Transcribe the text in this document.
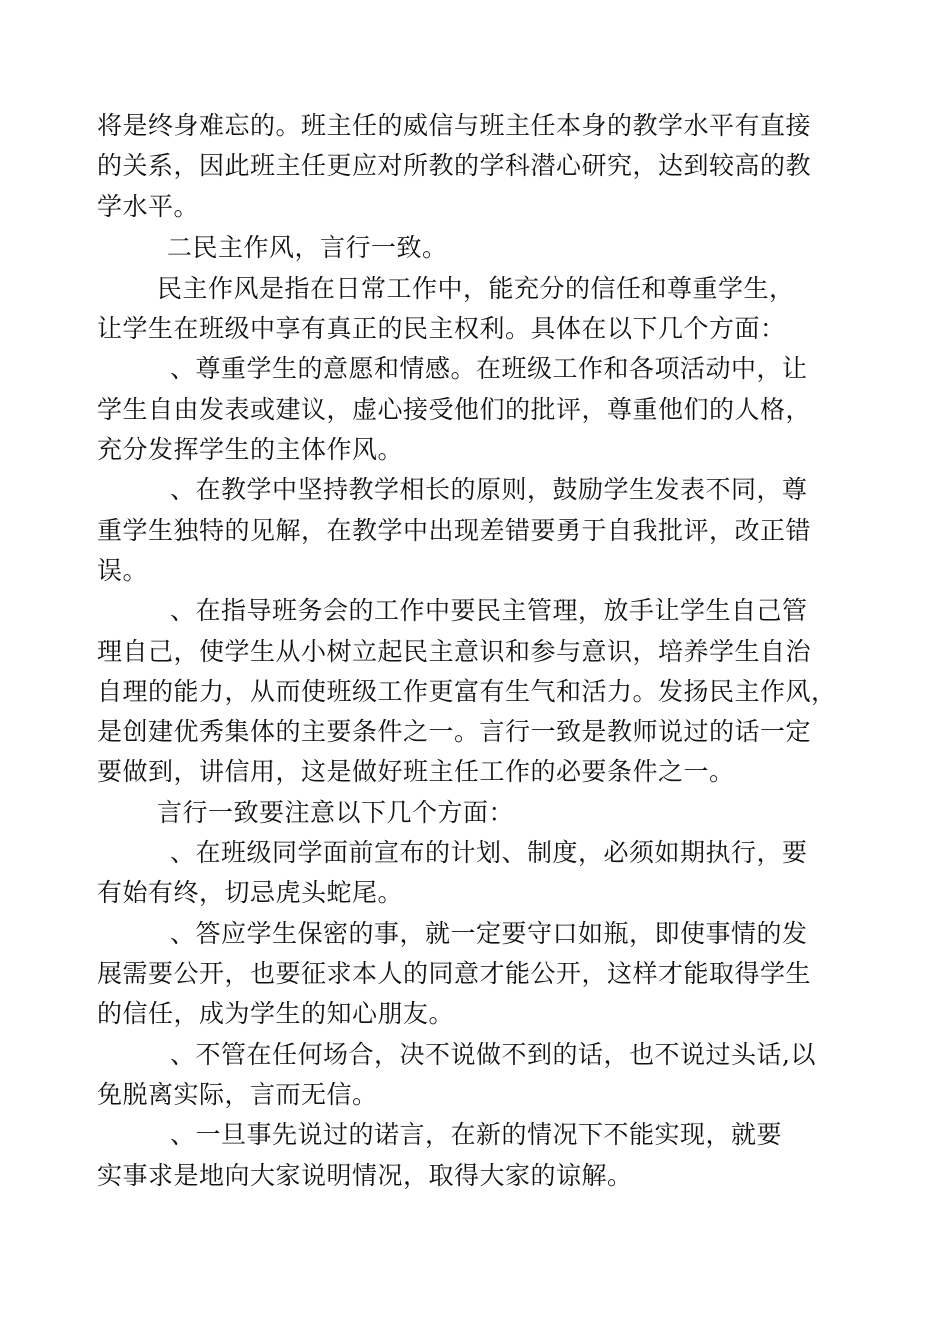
将是终身难忘的。班主任的威信与班主任本身的教学水平有直接
的关系，因此班主任更应对所教的学科潜心研究，达到较高的教
学水平。
二民主作风，言行一致。
民主作风是指在日常工作中，能充分的信任和尊重学生，
让学生在班级中享有真正的民主权利。具体在以下几个方面：
、尊重学生的意愿和情感。在班级工作和各项活动中，让
学生自由发表或建议，虚心接受他们的批评，尊重他们的人格，
充分发挥学生的主体作风。
、在教学中坚持教学相长的原则，鼓励学生发表不同，尊
重学生独特的见解，在教学中出现差错要勇于自我批评，改正错
误。
、在指导班务会的工作中要民主管理，放手让学生自己管
理自己，使学生从小树立起民主意识和参与意识，培养学生自治
自理的能力，从而使班级工作更富有生气和活力。发扬民主作风，
是创建优秀集体的主要条件之一。言行一致是教师说过的话一定
要做到，讲信用，这是做好班主任工作的必要条件之一。
言行一致要注意以下几个方面：
、在班级同学面前宣布的计划、制度，必须如期执行，要
有始有终，切忌虎头蛇尾。
、答应学生保密的事，就一定要守口如瓶，即使事情的发
展需要公开，也要征求本人的同意才能公开，这样才能取得学生
的信任，成为学生的知心朋友。
、不管在任何场合，决不说做不到的话，也不说过头话,以
免脱离实际，言而无信。
、一旦事先说过的诺言，在新的情况下不能实现，就要
实事求是地向大家说明情况，取得大家的谅解。
